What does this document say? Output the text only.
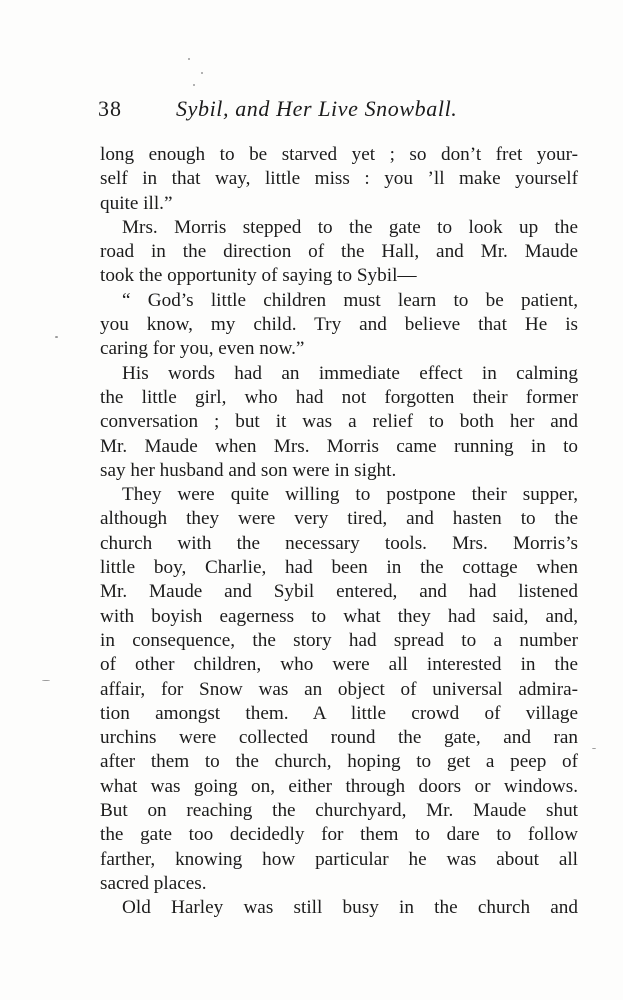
38 Sybil, and Her Live Snowball.
long enough to be starved yet ; so don’t fret your-
self in that way, little miss : you ’ll make yourself
quite ill.”
Mrs. Morris stepped to the gate to look up the
road in the direction of the Hall, and Mr. Maude
took the opportunity of saying to Sybil—
“ God’s little children must learn to be patient,
you know, my child. Try and believe that He is
caring for you, even now.”
His words had an immediate effect in calming
the little girl, who had not forgotten their former
conversation ; but it was a relief to both her and
Mr. Maude when Mrs. Morris came running in to
say her husband and son were in sight.
They were quite willing to postpone their supper,
although they were very tired, and hasten to the
church with the necessary tools. Mrs. Morris’s
little boy, Charlie, had been in the cottage when
Mr. Maude and Sybil entered, and had listened
with boyish eagerness to what they had said, and,
in consequence, the story had spread to a number
of other children, who were all interested in the
affair, for Snow was an object of universal admira-
tion amongst them. A little crowd of village
urchins were collected round the gate, and ran
after them to the church, hoping to get a peep of
what was going on, either through doors or windows.
But on reaching the churchyard, Mr. Maude shut
the gate too decidedly for them to dare to follow
farther, knowing how particular he was about all
sacred places.
Old Harley was still busy in the church and
